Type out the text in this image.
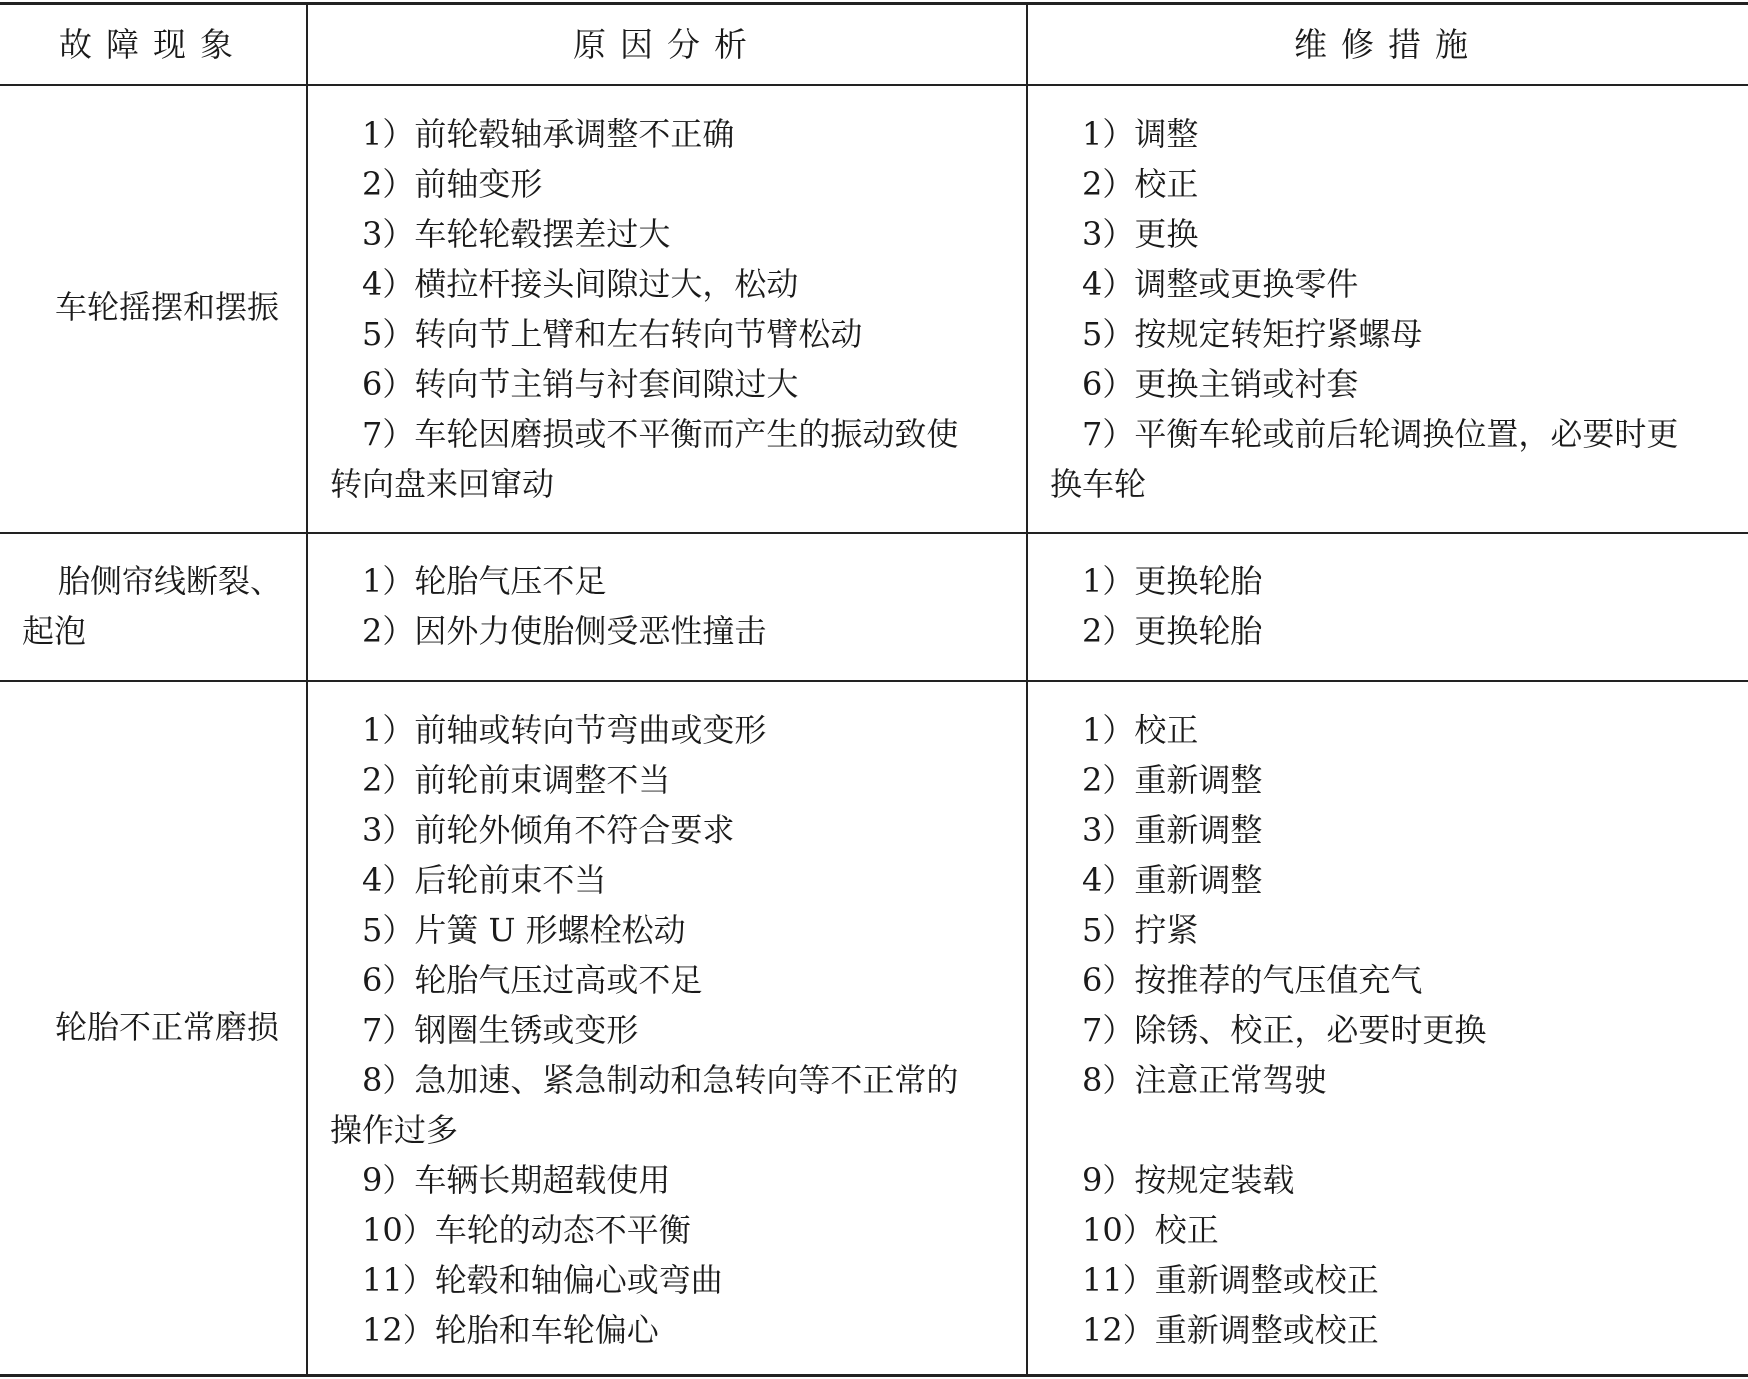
故障现象	原因分析	维修措施
车轮摇摆和摆振
1）前轮毂轴承调整不正确
2）前轴变形
3）车轮轮毂摆差过大
4）横拉杆接头间隙过大，松动
5）转向节上臂和左右转向节臂松动
6）转向节主销与衬套间隙过大
7）车轮因磨损或不平衡而产生的振动致使
转向盘来回窜动
1）调整
2）校正
3）更换
4）调整或更换零件
5）按规定转矩拧紧螺母
6）更换主销或衬套
7）平衡车轮或前后轮调换位置，必要时更
换车轮
胎侧帘线断裂、
起泡
1）轮胎气压不足
2）因外力使胎侧受恶性撞击
1）更换轮胎
2）更换轮胎
轮胎不正常磨损
1）前轴或转向节弯曲或变形
2）前轮前束调整不当
3）前轮外倾角不符合要求
4）后轮前束不当
5）片簧 U 形螺栓松动
6）轮胎气压过高或不足
7）钢圈生锈或变形
8）急加速、紧急制动和急转向等不正常的
操作过多
9）车辆长期超载使用
10）车轮的动态不平衡
11）轮毂和轴偏心或弯曲
12）轮胎和车轮偏心
1）校正
2）重新调整
3）重新调整
4）重新调整
5）拧紧
6）按推荐的气压值充气
7）除锈、校正，必要时更换
8）注意正常驾驶
9）按规定装载
10）校正
11）重新调整或校正
12）重新调整或校正
